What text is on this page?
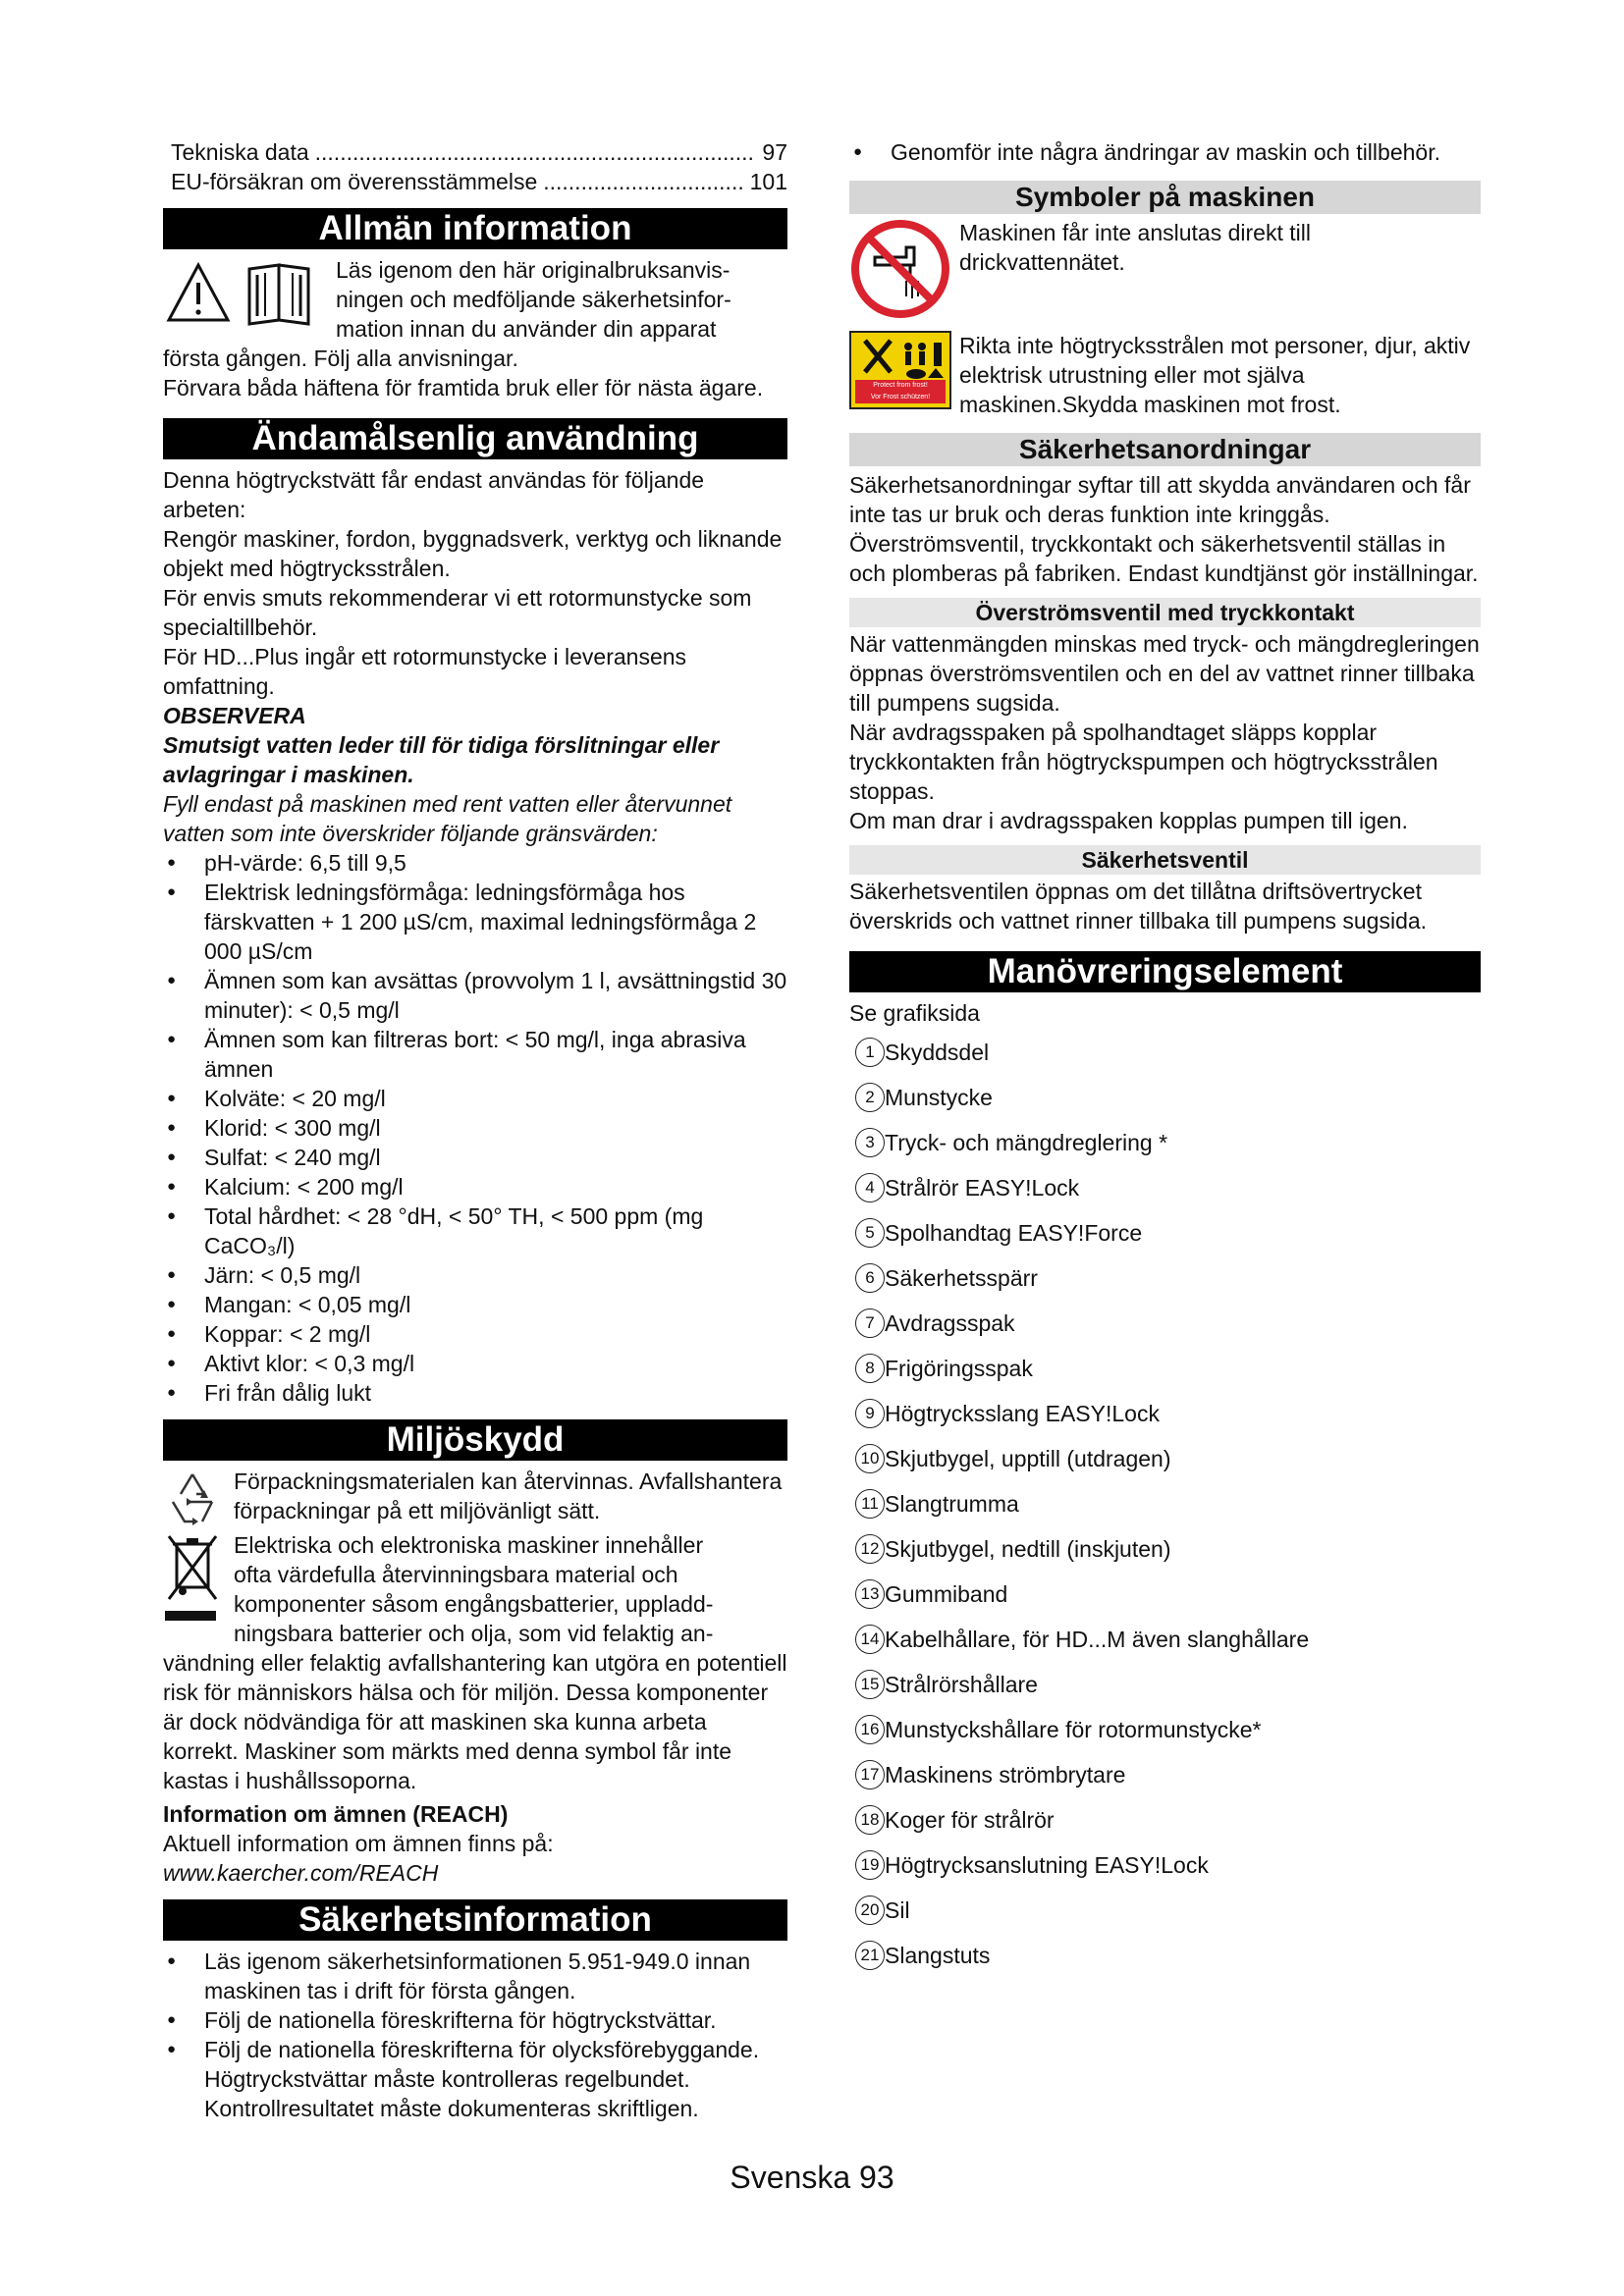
Tekniska data .....	97
EU-försäkran om överensstämmelse .....	101
Allmän information

Läs igenom den här originalbruksanvis-

ningen och medföljande säkerhetsinfor-

mation innan du använder din apparat

första gången. Följ alla anvisningar.

Förvara båda häftena för framtida bruk eller för nästa ägare.

Ändamålsenlig användning

Denna högtryckstvätt får endast användas för följande arbeten:

Rengör maskiner, fordon, byggnadsverk, verktyg och liknande objekt med högtrycksstrålen.

För envis smuts rekommenderar vi ett rotormunstycke som specialtillbehör.

För HD...Plus ingår ett rotormunstycke i leveransens omfattning.

OBSERVERA

Smutsigt vatten leder till för tidiga förslitningar eller avlagringar i maskinen.

Fyll endast på maskinen med rent vatten eller återvunnet vatten som inte överskrider följande gränsvärden:

● pH-värde: 6,5 till 9,5
● Elektrisk ledningsförmåga: ledningsförmåga hos färskvatten + 1 200 µS/cm, maximal ledningsförmåga 2 000 µS/cm
● Ämnen som kan avsättas (provvolym 1 l, avsättningstid 30 minuter): < 0,5 mg/l
● Ämnen som kan filtreras bort: < 50 mg/l, inga abrasiva ämnen
● Kolväte: < 20 mg/l
● Klorid: < 300 mg/l
● Sulfat: < 240 mg/l
● Kalcium: < 200 mg/l
● Total hårdhet: < 28 °dH, < 50° TH, < 500 ppm (mg CaCO₃/l)
● Järn: < 0,5 mg/l
● Mangan: < 0,05 mg/l
● Koppar: < 2 mg/l
● Aktivt klor: < 0,3 mg/l
● Fri från dålig lukt
Miljöskydd

Förpackningsmaterialen kan återvinnas. Avfallshantera förpackningar på ett miljövänligt sätt.

Elektriska och elektroniska maskiner innehåller

ofta värdefulla återvinningsbara material och

komponenter såsom engångsbatterier, uppladd-

ningsbara batterier och olja, som vid felaktig an-

vändning eller felaktig avfallshantering kan utgöra en potentiell risk för människors hälsa och för miljön. Dessa komponenter är dock nödvändiga för att maskinen ska kunna arbeta korrekt. Maskiner som märkts med denna symbol får inte kastas i hushållssoporna.

Information om ämnen (REACH)

Aktuell information om ämnen finns på: www.kaercher.com/REACH

Säkerhetsinformation
● Läs igenom säkerhetsinformationen 5.951-949.0 innan maskinen tas i drift för första gången.
● Följ de nationella föreskrifterna för högtryckstvättar.
● Följ de nationella föreskrifterna för olycksförebyggande. Högtryckstvättar måste kontrolleras regelbundet. Kontrollresultatet måste dokumenteras skriftligen.
● Genomför inte några ändringar av maskin och tillbehör.
Symboler på maskinen

Maskinen får inte anslutas direkt till drickvattennätet.

Protect from frost!
Vor Frost schützen!

Rikta inte högtrycksstrålen mot personer, djur, aktiv elektrisk utrustning eller mot själva maskinen.Skydda maskinen mot frost.

Säkerhetsanordningar

Säkerhetsanordningar syftar till att skydda användaren och får inte tas ur bruk och deras funktion inte kringgås. Överströmsventil, tryckkontakt och säkerhetsventil ställas in och plomberas på fabriken. Endast kundtjänst gör inställningar.

Överströmsventil med tryckkontakt

När vattenmängden minskas med tryck- och mängdregleringen öppnas överströmsventilen och en del av vattnet rinner tillbaka till pumpens sugsida.

När avdragsspaken på spolhandtaget släpps kopplar tryckkontakten från högtryckspumpen och högtrycksstrålen stoppas.

Om man drar i avdragsspaken kopplas pumpen till igen.

Säkerhetsventil

Säkerhetsventilen öppnas om det tillåtna driftsövertrycket överskrids och vattnet rinner tillbaka till pumpens sugsida.

Manövreringselement

Se grafiksida

1 Skyddsdel
2 Munstycke
3 Tryck- och mängdreglering *
4 Strålrör EASY!Lock
5 Spolhandtag EASY!Force
6 Säkerhetsspärr
7 Avdragsspak
8 Frigöringsspak
9 Högtrycksslang EASY!Lock
10 Skjutbygel, upptill (utdragen)
11 Slangtrumma
12 Skjutbygel, nedtill (inskjuten)
13 Gummiband
14 Kabelhållare, för HD...M även slanghållare
15 Strålrörshållare
16 Munstyckshållare för rotormunstycke*
17 Maskinens strömbrytare
18 Koger för strålrör
19 Högtrycksanslutning EASY!Lock
20 Sil
21 Slangstuts
Svenska 93
